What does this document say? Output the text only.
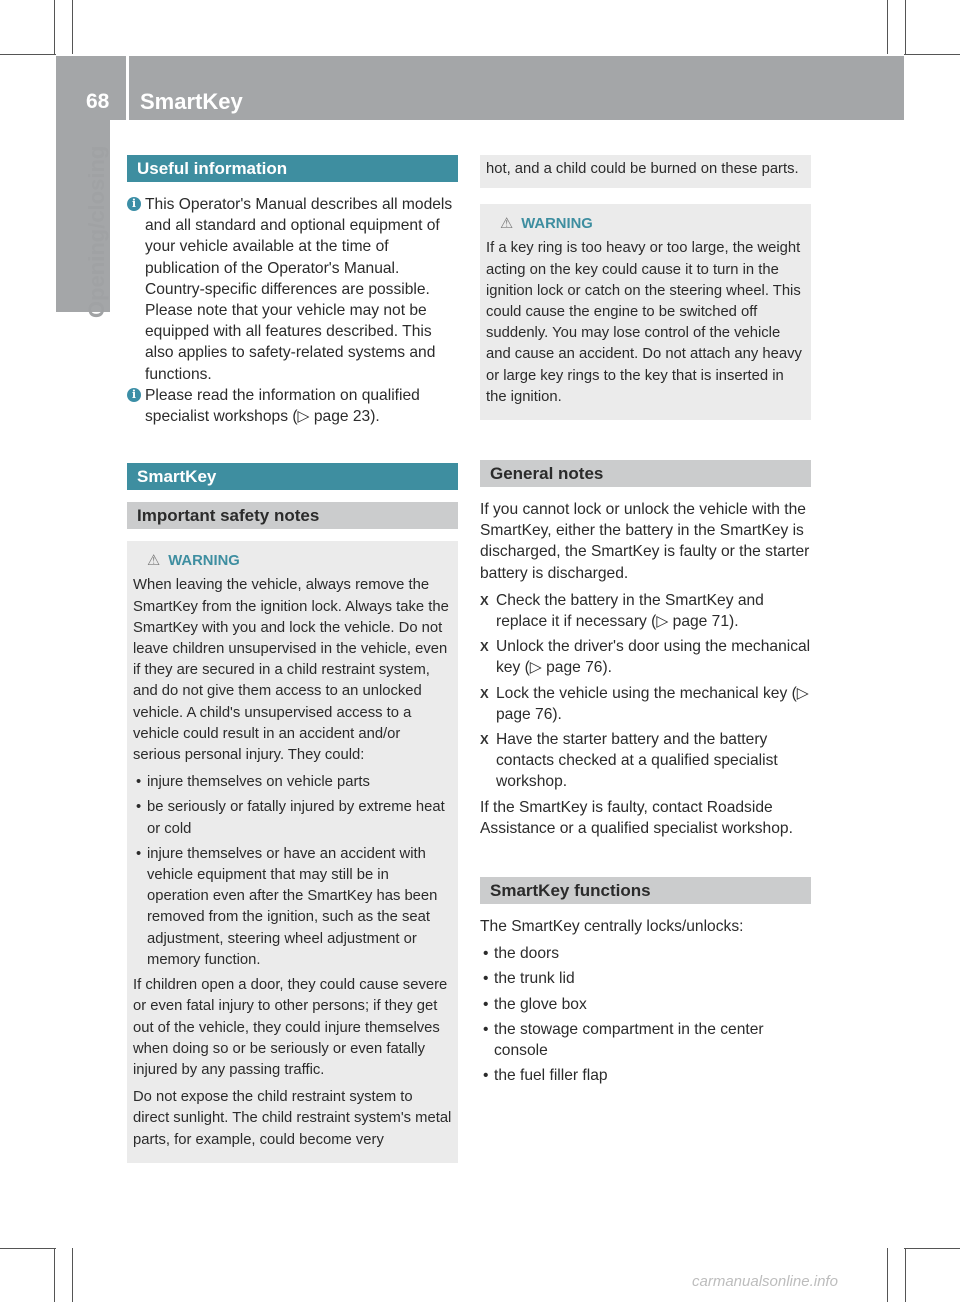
68 SmartKey
Opening/closing	Useful information

i This Operator's Manual describes all models and all standard and optional equipment of your vehicle available at the time of publication of the Operator's Manual. Country-specific differences are possible. Please note that your vehicle may not be equipped with all features described. This also applies to safety-related systems and functions.

i Please read the information on qualified specialist workshops (▷ page 23).

SmartKey
Important safety notes
⚠ WARNING

When leaving the vehicle, always remove the SmartKey from the ignition lock. Always take the SmartKey with you and lock the vehicle. Do not leave children unsupervised in the vehicle, even if they are secured in a child restraint system, and do not give them access to an unlocked vehicle. A child's unsupervised access to a vehicle could result in an accident and/or serious personal injury. They could:

• injure themselves on vehicle parts
• be seriously or fatally injured by extreme heat or cold
• injure themselves or have an accident with vehicle equipment that may still be in operation even after the SmartKey has been removed from the ignition, such as the seat adjustment, steering wheel adjustment or memory function.

If children open a door, they could cause severe or even fatal injury to other persons; if they get out of the vehicle, they could injure themselves when doing so or be seriously or even fatally injured by any passing traffic.

Do not expose the child restraint system to direct sunlight. The child restraint system's metal parts, for example, could become very

hot, and a child could be burned on these parts.

⚠ WARNING

If a key ring is too heavy or too large, the weight acting on the key could cause it to turn in the ignition lock or catch on the steering wheel. This could cause the engine to be switched off suddenly. You may lose control of the vehicle and cause an accident. Do not attach any heavy or large key rings to the key that is inserted in the ignition.

General notes

If you cannot lock or unlock the vehicle with the SmartKey, either the battery in the SmartKey is discharged, the SmartKey is faulty or the starter battery is discharged.

X Check the battery in the SmartKey and replace it if necessary (▷ page 71).
X Unlock the driver's door using the mechanical key (▷ page 76).
X Lock the vehicle using the mechanical key (▷ page 76).
X Have the starter battery and the battery contacts checked at a qualified specialist workshop.

If the SmartKey is faulty, contact Roadside Assistance or a qualified specialist workshop.

SmartKey functions

The SmartKey centrally locks/unlocks:

• the doors
• the trunk lid
• the glove box
• the stowage compartment in the center console
• the fuel filler flap
carmanualsonline.info
